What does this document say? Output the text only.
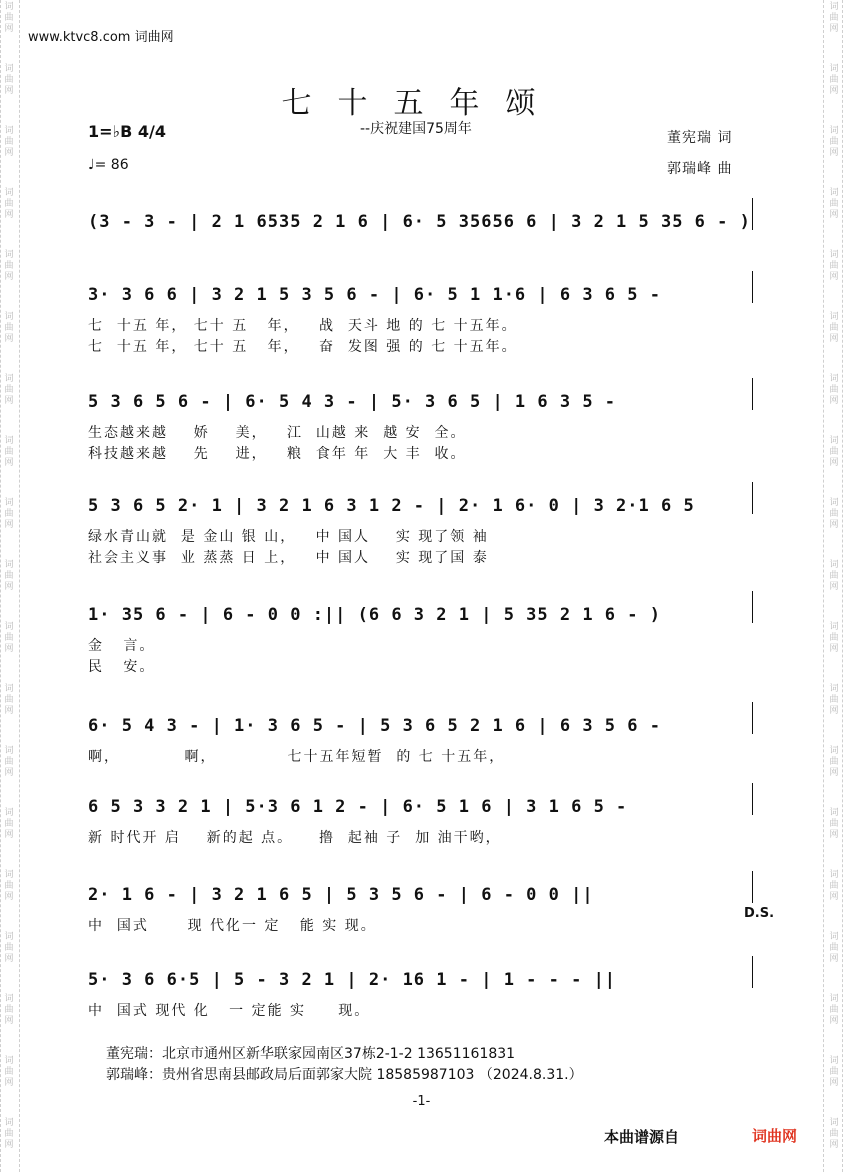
www.ktvc8.com 词曲网
七十五年颂
--庆祝建国75周年
1=♭B 4/4
♩= 86
董宪瑞 词
郭瑞峰 曲
(3 - 3 - | 2 1 6535 2 1 6 | 6· 5 35656 6 | 3 2 1 5 35 6 - )
3· 3 6 6 | 3 2 1 5 3 5 6 - | 6· 5 1 1·6 | 6 3 6 5 -
七  十五 年， 七十 五   年，   战  天斗 地 的 七 十五年。
七  十五 年， 七十 五   年，   奋  发图 强 的 七 十五年。
5 3 6 5 6 - | 6· 5 4 3 - | 5· 3 6 5 | 1 6 3 5 -
生态越来越    娇    美，   江  山越 来  越 安  全。
科技越来越    先    进，   粮  食年 年  大 丰  收。
5 3 6 5 2· 1 | 3 2 1 6 3 1 2 - | 2· 1 6· 0 | 3 2·1 6 5
绿水青山就  是 金山 银 山，   中 国人    实 现了领 袖
社会主义事  业 蒸蒸 日 上，   中 国人    实 现了国 泰
1· 35 6 - | 6 - 0 0 :|| (6 6 3 2 1 | 5 35 2 1 6 - )
金   言。
民   安。
6· 5 4 3 - | 1· 3 6 5 - | 5 3 6 5 2 1 6 | 6 3 5 6 -
啊，          啊，           七十五年短暂  的 七 十五年，
6 5 3 3 2 1 | 5·3 6 1 2 - | 6· 5 1 6 | 3 1 6 5 -
新 时代开 启    新的起 点。    撸  起袖 子  加 油干哟，
2· 1 6 - | 3 2 1 6 5 | 5 3 5 6 - | 6 - 0 0 ||
中  国式      现 代化一 定   能 实 现。
5· 3 6 6·5 | 5 - 3 2 1 | 2· 16 1 - | 1 - - - ||
中  国式 现代 化   一 定能 实     现。
D.S.
董宪瑞：北京市通州区新华联家园南区37栋2-1-2 13651161831
郭瑞峰：贵州省思南县邮政局后面郭家大院 18585987103 （2024.8.31.）
-1-
本曲谱源自	词曲网
词
曲
网
词
曲
网
词
曲
网
词
曲
网
词
曲
网
词
曲
网
词
曲
网
词
曲
网
词
曲
网
词
曲
网
词
曲
网
词
曲
网
词
曲
网
词
曲
网
词
曲
网
词
曲
网
词
曲
网
词
曲
网
词
曲
网
词
曲
网
词
曲
网
词
曲
网
词
曲
网
词
曲
网
词
曲
网
词
曲
网
词
曲
网
词
曲
网
词
曲
网
词
曲
网
词
曲
网
词
曲
网
词
曲
网
词
曲
网
词
曲
网
词
曲
网
词
曲
网
词
曲
网
